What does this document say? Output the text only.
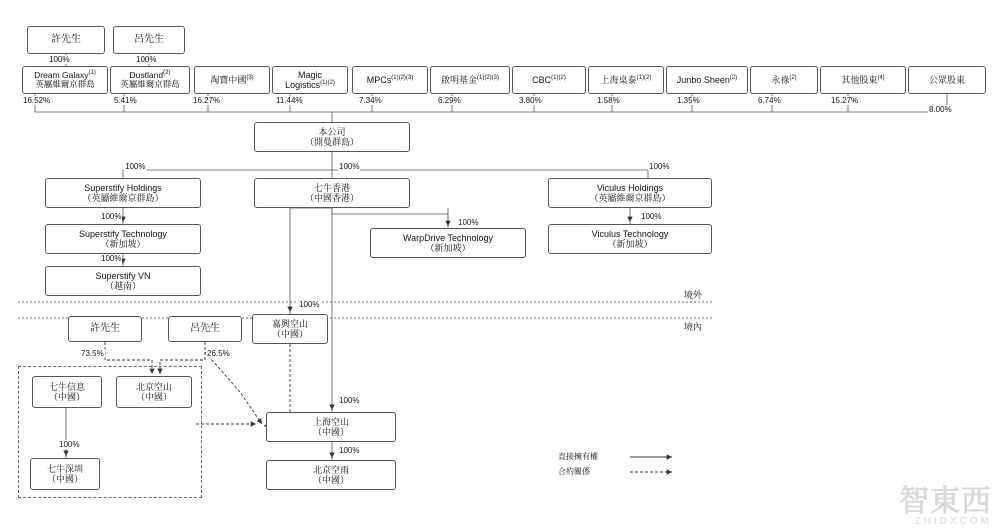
許先生	呂先生
Dream Galaxy$^{(1)}$
英屬維爾京群島
Dustland$^{(2)}$
英屬維爾京群島	淘寶中國$^{(3)}$	Magic
Logistics$^{(1)(2)}$	MPCs$^{(1)(2)(3)}$	啟明基金$^{(1)(2)(3)}$	$CBC^{(1)(2)}$	上海桌泰$^{(1)(2)}$	Junbo Sheen$^{(2)}$	永祿$^{(2)}$	其他股東$^{(4)}$	公眾股東
本公司
（開曼群島）
Superstify Holdings
（英屬維爾京群島）
七牛香港
（中國香港）
Viculus Holdings
（英屬維爾京群島）
Superstify Technology
（新加坡）
WarpDrive Technology
（新加坡）
Viculus Technology
（新加坡）
Superstify VN
（越南）
許先生	呂先生	嘉興空山
（中國）
七牛信息
（中國）
北京空山
（中國）
七牛深圳
（中國）
上海空山
（中國）
北京空雨
（中國）
100%	100%
16.52%	5.41%	16.27%	11.44%	7.34%	6.29%	3.80%	1.58%	1.35%	6.74%	15.27%
8.00%
100%	100%	100%
100%
100%
100%
100%
100%
73.5%	26.5%
100%
100%
100%
境外
境內
直接擁有權
合約關係
智東西
ZHIDXCOM
